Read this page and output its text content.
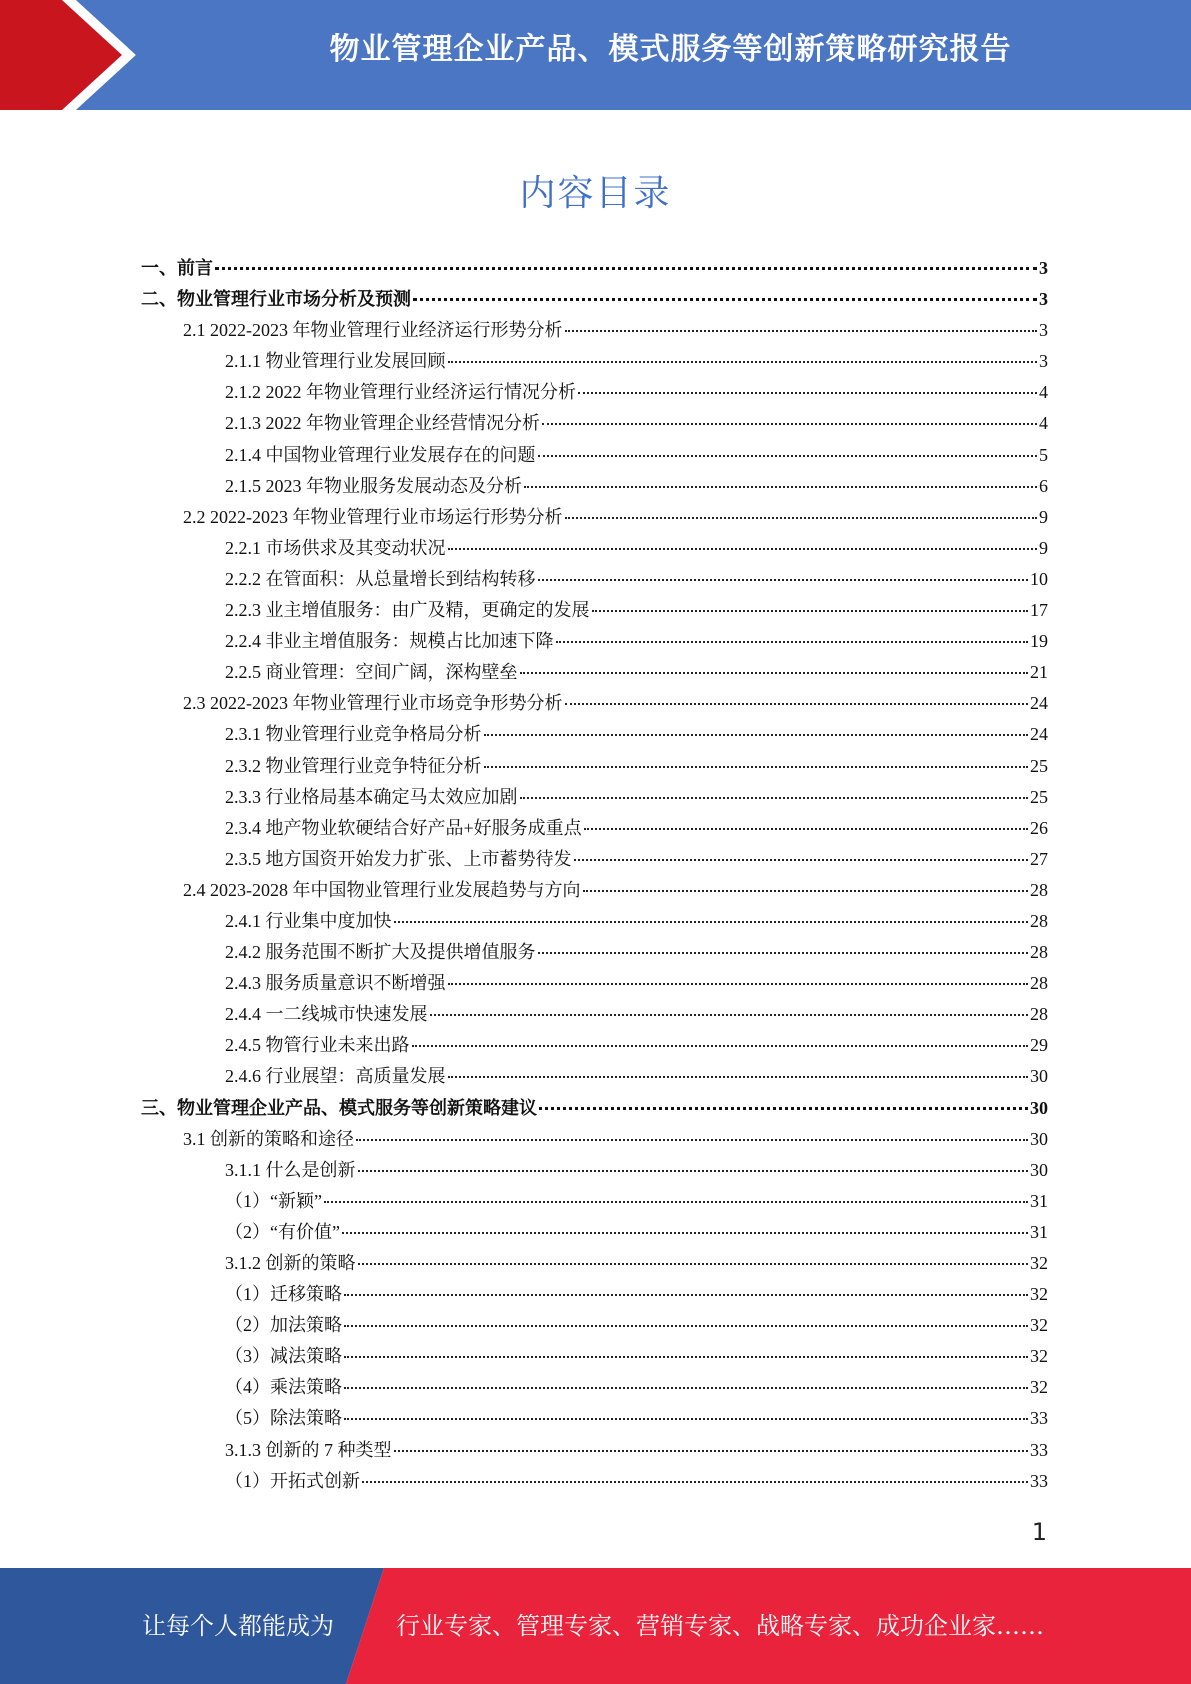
物业管理企业产品、模式服务等创新策略研究报告
内容目录
一、前言	3
二、物业管理行业市场分析及预测	3
2.1 2022-2023 年物业管理行业经济运行形势分析	3
2.1.1 物业管理行业发展回顾	3
2.1.2 2022 年物业管理行业经济运行情况分析	4
2.1.3 2022 年物业管理企业经营情况分析	4
2.1.4 中国物业管理行业发展存在的问题	5
2.1.5 2023 年物业服务发展动态及分析	6
2.2 2022-2023 年物业管理行业市场运行形势分析	9
2.2.1 市场供求及其变动状况	9
2.2.2 在管面积：从总量增长到结构转移	10
2.2.3 业主增值服务：由广及精，更确定的发展	17
2.2.4 非业主增值服务：规模占比加速下降	19
2.2.5 商业管理：空间广阔，深构壁垒	21
2.3 2022-2023 年物业管理行业市场竞争形势分析	24
2.3.1 物业管理行业竞争格局分析	24
2.3.2 物业管理行业竞争特征分析	25
2.3.3 行业格局基本确定马太效应加剧	25
2.3.4 地产物业软硬结合好产品+好服务成重点	26
2.3.5 地方国资开始发力扩张、上市蓄势待发	27
2.4 2023-2028 年中国物业管理行业发展趋势与方向	28
2.4.1 行业集中度加快	28
2.4.2 服务范围不断扩大及提供增值服务	28
2.4.3 服务质量意识不断增强	28
2.4.4 一二线城市快速发展	28
2.4.5 物管行业未来出路	29
2.4.6 行业展望：高质量发展	30
三、物业管理企业产品、模式服务等创新策略建议	30
3.1 创新的策略和途径	30
3.1.1 什么是创新	30
（1）“新颖”	31
（2）“有价值”	31
3.1.2 创新的策略	32
（1）迁移策略	32
（2）加法策略	32
（3）减法策略	32
（4）乘法策略	32
（5）除法策略	33
3.1.3 创新的 7 种类型	33
（1）开拓式创新	33
1
让每个人都能成为	行业专家、管理专家、营销专家、战略专家、成功企业家……
